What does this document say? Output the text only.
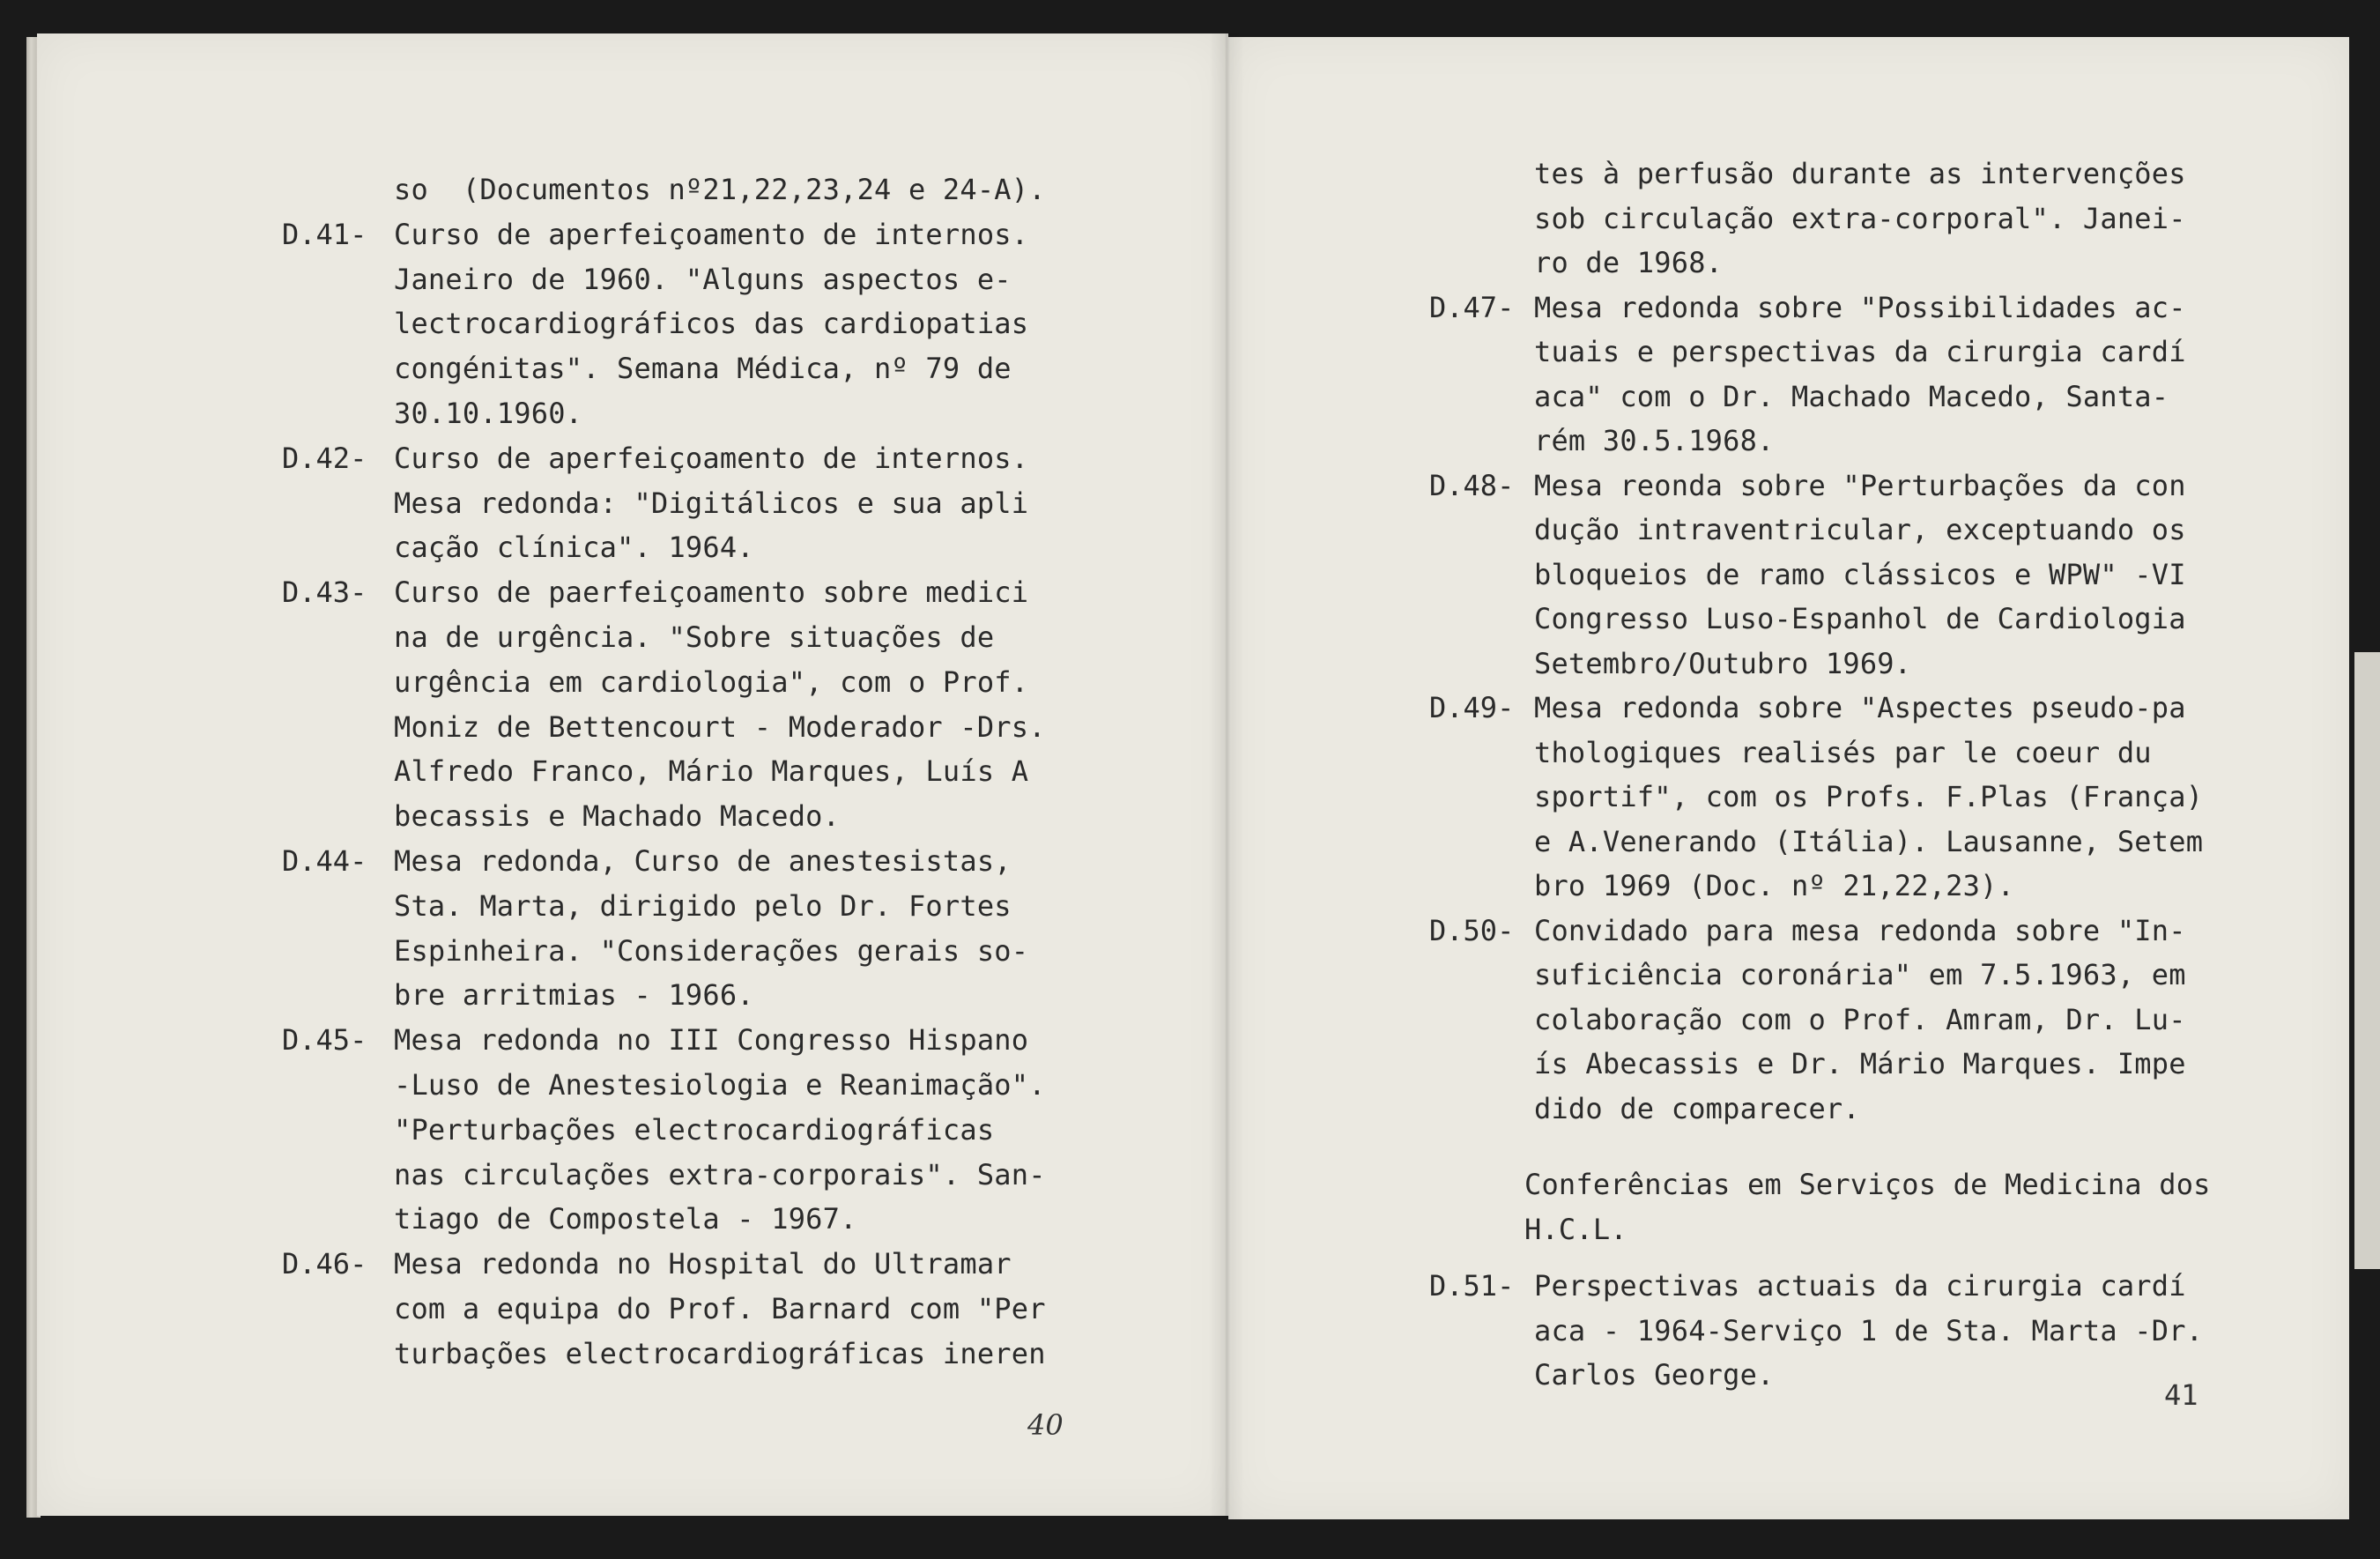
so  (Documentos nº21,22,23,24 e 24-A).
D.41- Curso de aperfeiçoamento de internos.
Janeiro de 1960. "Alguns aspectos e-
lectrocardiográficos das cardiopatias
congénitas". Semana Médica, nº 79 de
30.10.1960.
D.42- Curso de aperfeiçoamento de internos.
Mesa redonda: "Digitálicos e sua apli
cação clínica". 1964.
D.43- Curso de paerfeiçoamento sobre medici
na de urgência. "Sobre situações de
urgência em cardiologia", com o Prof.
Moniz de Bettencourt - Moderador -Drs.
Alfredo Franco, Mário Marques, Luís A
becassis e Machado Macedo.
D.44- Mesa redonda, Curso de anestesistas,
Sta. Marta, dirigido pelo Dr. Fortes
Espinheira. "Considerações gerais so-
bre arritmias - 1966.
D.45- Mesa redonda no III Congresso Hispano
-Luso de Anestesiologia e Reanimação".
"Perturbações electrocardiográficas
nas circulações extra-corporais". San-
tiago de Compostela - 1967.
D.46- Mesa redonda no Hospital do Ultramar
com a equipa do Prof. Barnard com "Per
turbações electrocardiográficas ineren
40
tes à perfusão durante as intervenções
sob circulação extra-corporal". Janei-
ro de 1968.
D.47- Mesa redonda sobre "Possibilidades ac-
tuais e perspectivas da cirurgia cardí
aca" com o Dr. Machado Macedo, Santa-
rém 30.5.1968.
D.48- Mesa reonda sobre "Perturbações da con
dução intraventricular, exceptuando os
bloqueios de ramo clássicos e WPW" -VI
Congresso Luso-Espanhol de Cardiologia
Setembro/Outubro 1969.
D.49- Mesa redonda sobre "Aspectes pseudo-pa
thologiques realisés par le coeur du
sportif", com os Profs. F.Plas (França)
e A.Venerando (Itália). Lausanne, Setem
bro 1969 (Doc. nº 21,22,23).
D.50- Convidado para mesa redonda sobre "In-
suficiência coronária" em 7.5.1963, em
colaboração com o Prof. Amram, Dr. Lu-
ís Abecassis e Dr. Mário Marques. Impe
dido de comparecer.
Conferências em Serviços de Medicina dos
H.C.L.
D.51- Perspectivas actuais da cirurgia cardí
aca - 1964-Serviço 1 de Sta. Marta -Dr.
Carlos George.
41
